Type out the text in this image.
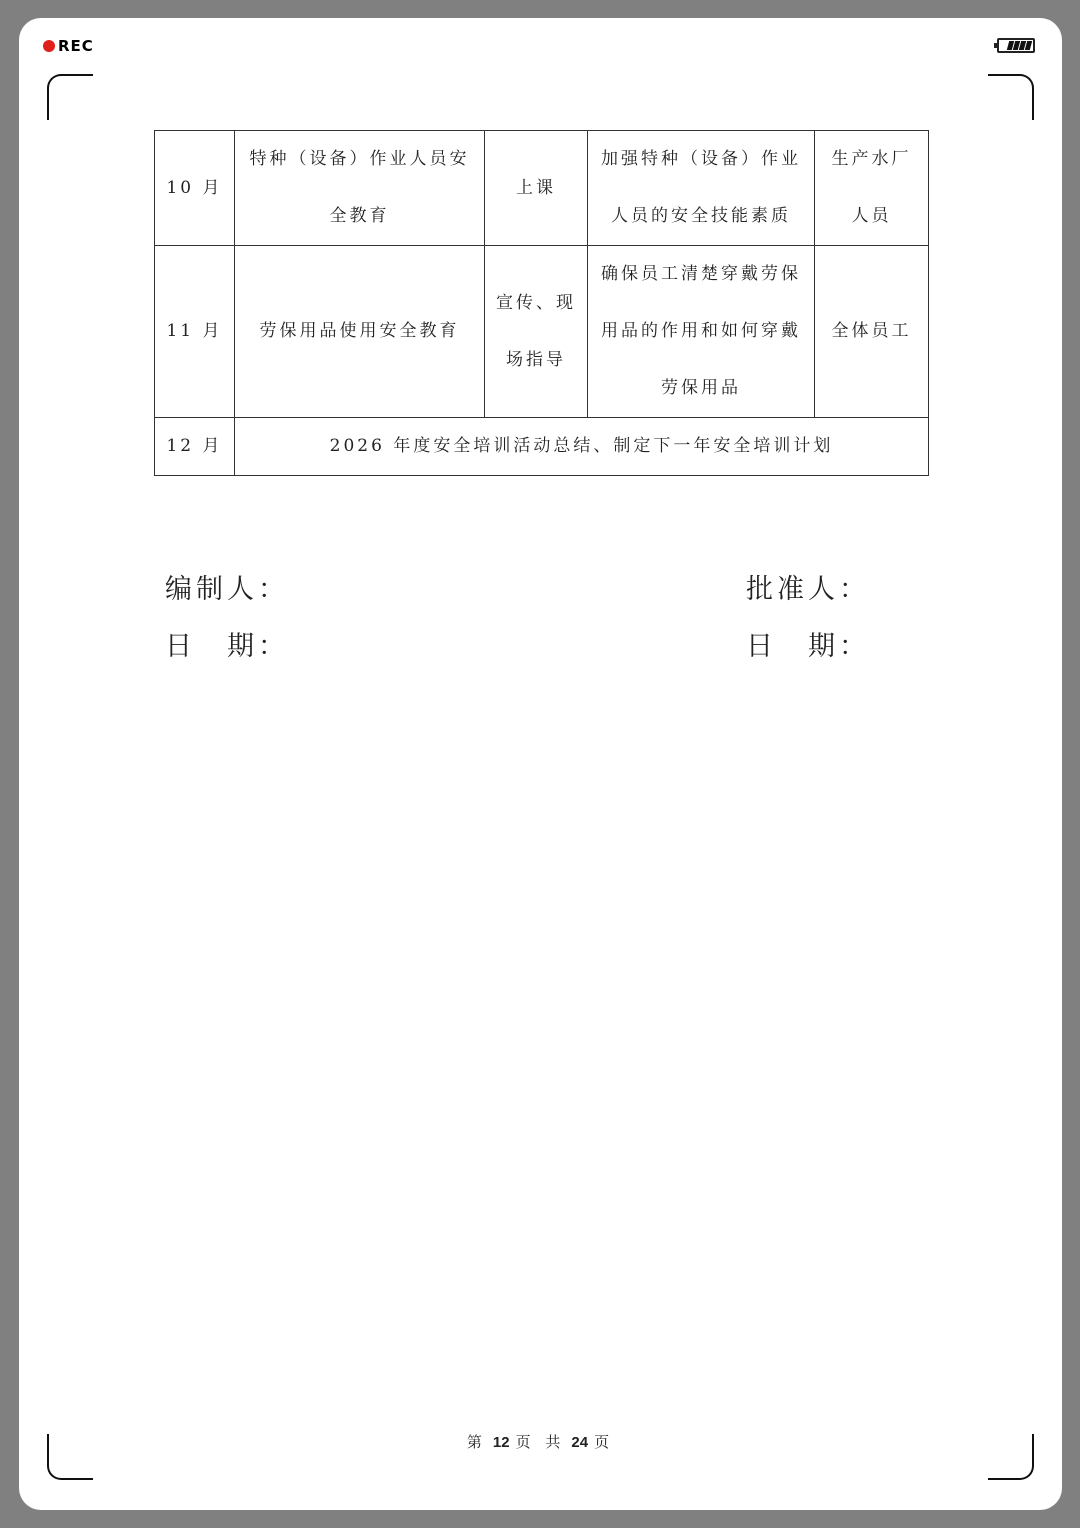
REC
10 月	特种（设备）作业人员安全教育	上课	加强特种（设备）作业人员的安全技能素质	生产水厂人员
11 月	劳保用品使用安全教育	宣传、现场指导	确保员工清楚穿戴劳保用品的作用和如何穿戴劳保用品	全体员工
12 月	2026 年度安全培训活动总结、制定下一年安全培训计划			
编制人：
日　期：
批准人：
日　期：
第 12 页 共 24 页
